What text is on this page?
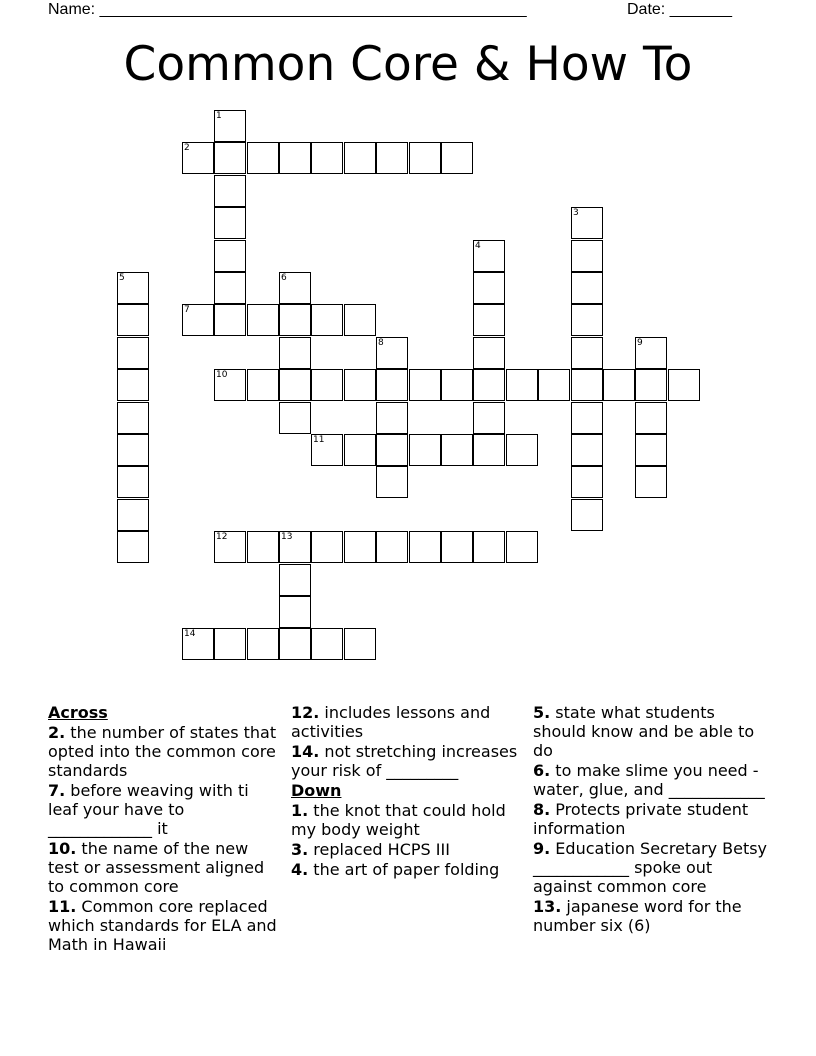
Name: ________________________________________________	Date: _______
Common Core & How To
1
2
3
4
5	6
7
8	9
10
11
12	13
14
Across
2. the number of states that opted into the common core standards
7. before weaving with ti leaf your have to _____________ it
10. the name of the new test or assessment aligned to common core
11. Common core replaced which standards for ELA and Math in Hawaii
12. includes lessons and activities
14. not stretching increases your risk of _________
Down
1. the knot that could hold my body weight
3. replaced HCPS III
4. the art of paper folding
5. state what students should know and be able to do
6. to make slime you need - water, glue, and ____________
8. Protects private student information
9. Education Secretary Betsy ____________ spoke out against common core
13. japanese word for the number six (6)
